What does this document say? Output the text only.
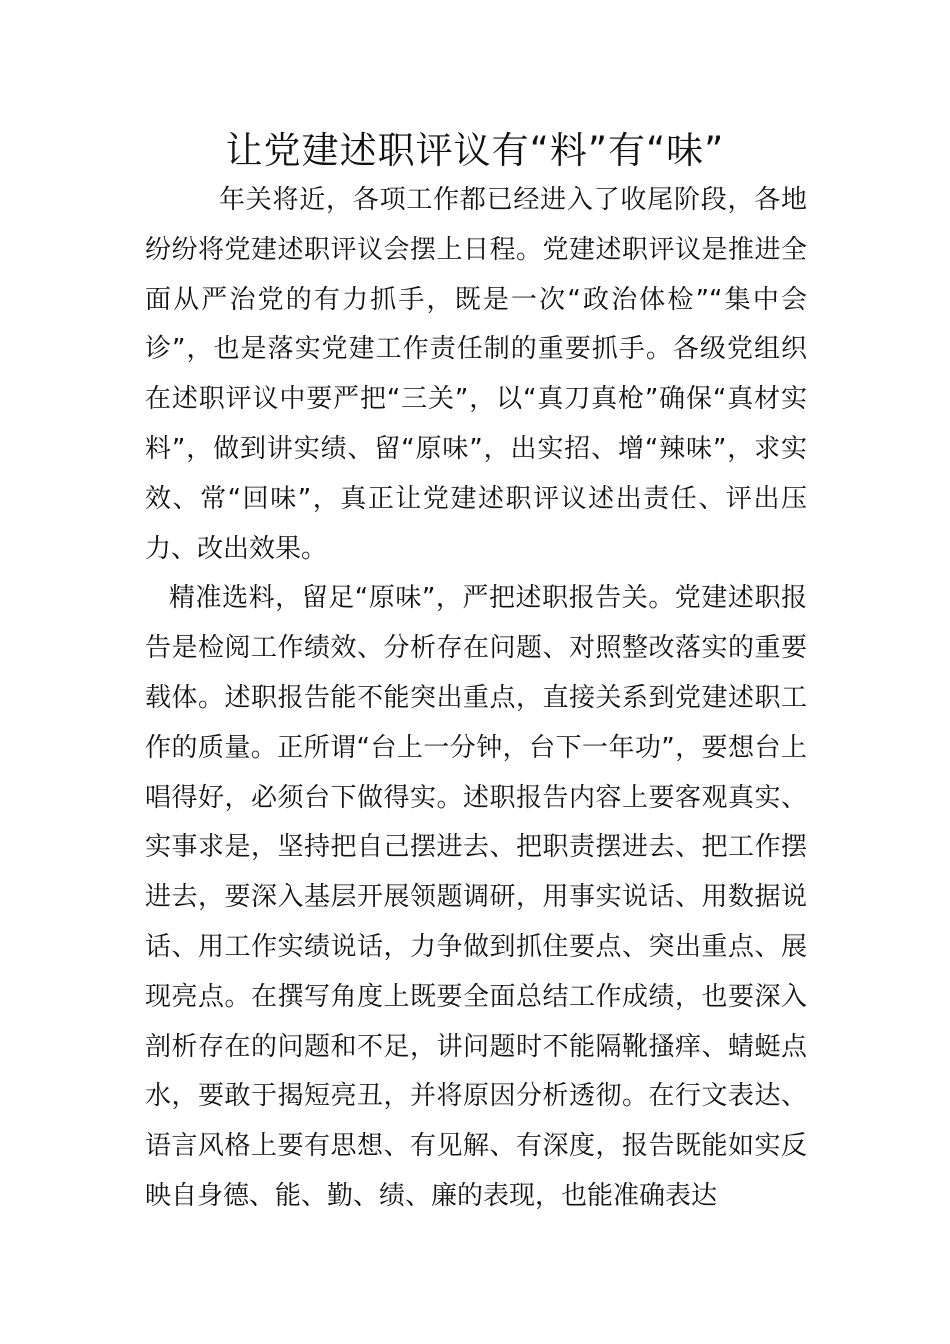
让党建述职评议有“料”有“味”

年关将近，各项工作都已经进入了收尾阶段，各地纷纷将党建述职评议会摆上日程。党建述职评议是推进全面从严治党的有力抓手，既是一次“政治体检”“集中会诊”，也是落实党建工作责任制的重要抓手。各级党组织在述职评议中要严把“三关”，以“真刀真枪”确保“真材实料”，做到讲实绩、留“原味”，出实招、增“辣味”，求实效、常“回味”，真正让党建述职评议述出责任、评出压力、改出效果。

精准选料，留足“原味”，严把述职报告关。党建述职报告是检阅工作绩效、分析存在问题、对照整改落实的重要载体。述职报告能不能突出重点，直接关系到党建述职工作的质量。正所谓“台上一分钟，台下一年功”，要想台上唱得好，必须台下做得实。述职报告内容上要客观真实、实事求是，坚持把自己摆进去、把职责摆进去、把工作摆进去，要深入基层开展领题调研，用事实说话、用数据说话、用工作实绩说话，力争做到抓住要点、突出重点、展现亮点。在撰写角度上既要全面总结工作成绩，也要深入剖析存在的问题和不足，讲问题时不能隔靴搔痒、蜻蜓点水，要敢于揭短亮丑，并将原因分析透彻。在行文表达、语言风格上要有思想、有见解、有深度，报告既能如实反映自身德、能、勤、绩、廉的表现，也能准确表达
